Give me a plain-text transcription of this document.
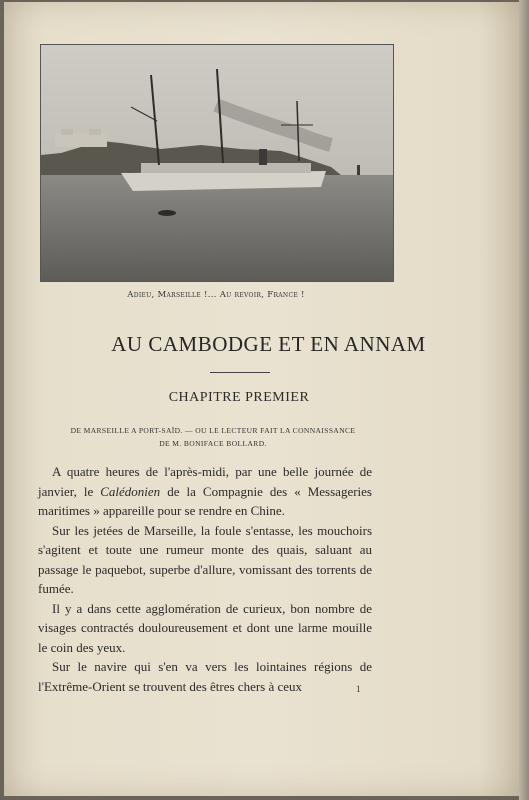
Adieu, Marseille !... Au revoir, France !
AU CAMBODGE ET EN ANNAM
CHAPITRE PREMIER
DE MARSEILLE A PORT-SAÏD. — OU LE LECTEUR FAIT LA CONNAISSANCE
DE M. BONIFACE BOLLARD.

A quatre heures de l'après-midi, par une belle journée de janvier, le Calédonien de la Compagnie des « Messageries maritimes » appareille pour se rendre en Chine.

Sur les jetées de Marseille, la foule s'entasse, les mouchoirs s'agitent et toute une rumeur monte des quais, saluant au passage le paquebot, superbe d'allure, vomissant des torrents de fumée.

Il y a dans cette agglomération de curieux, bon nombre de visages contractés douloureusement et dont une larme mouille le coin des yeux.

Sur le navire qui s'en va vers les lointaines régions de l'Extrême-Orient se trouvent des êtres chers à ceux	1
